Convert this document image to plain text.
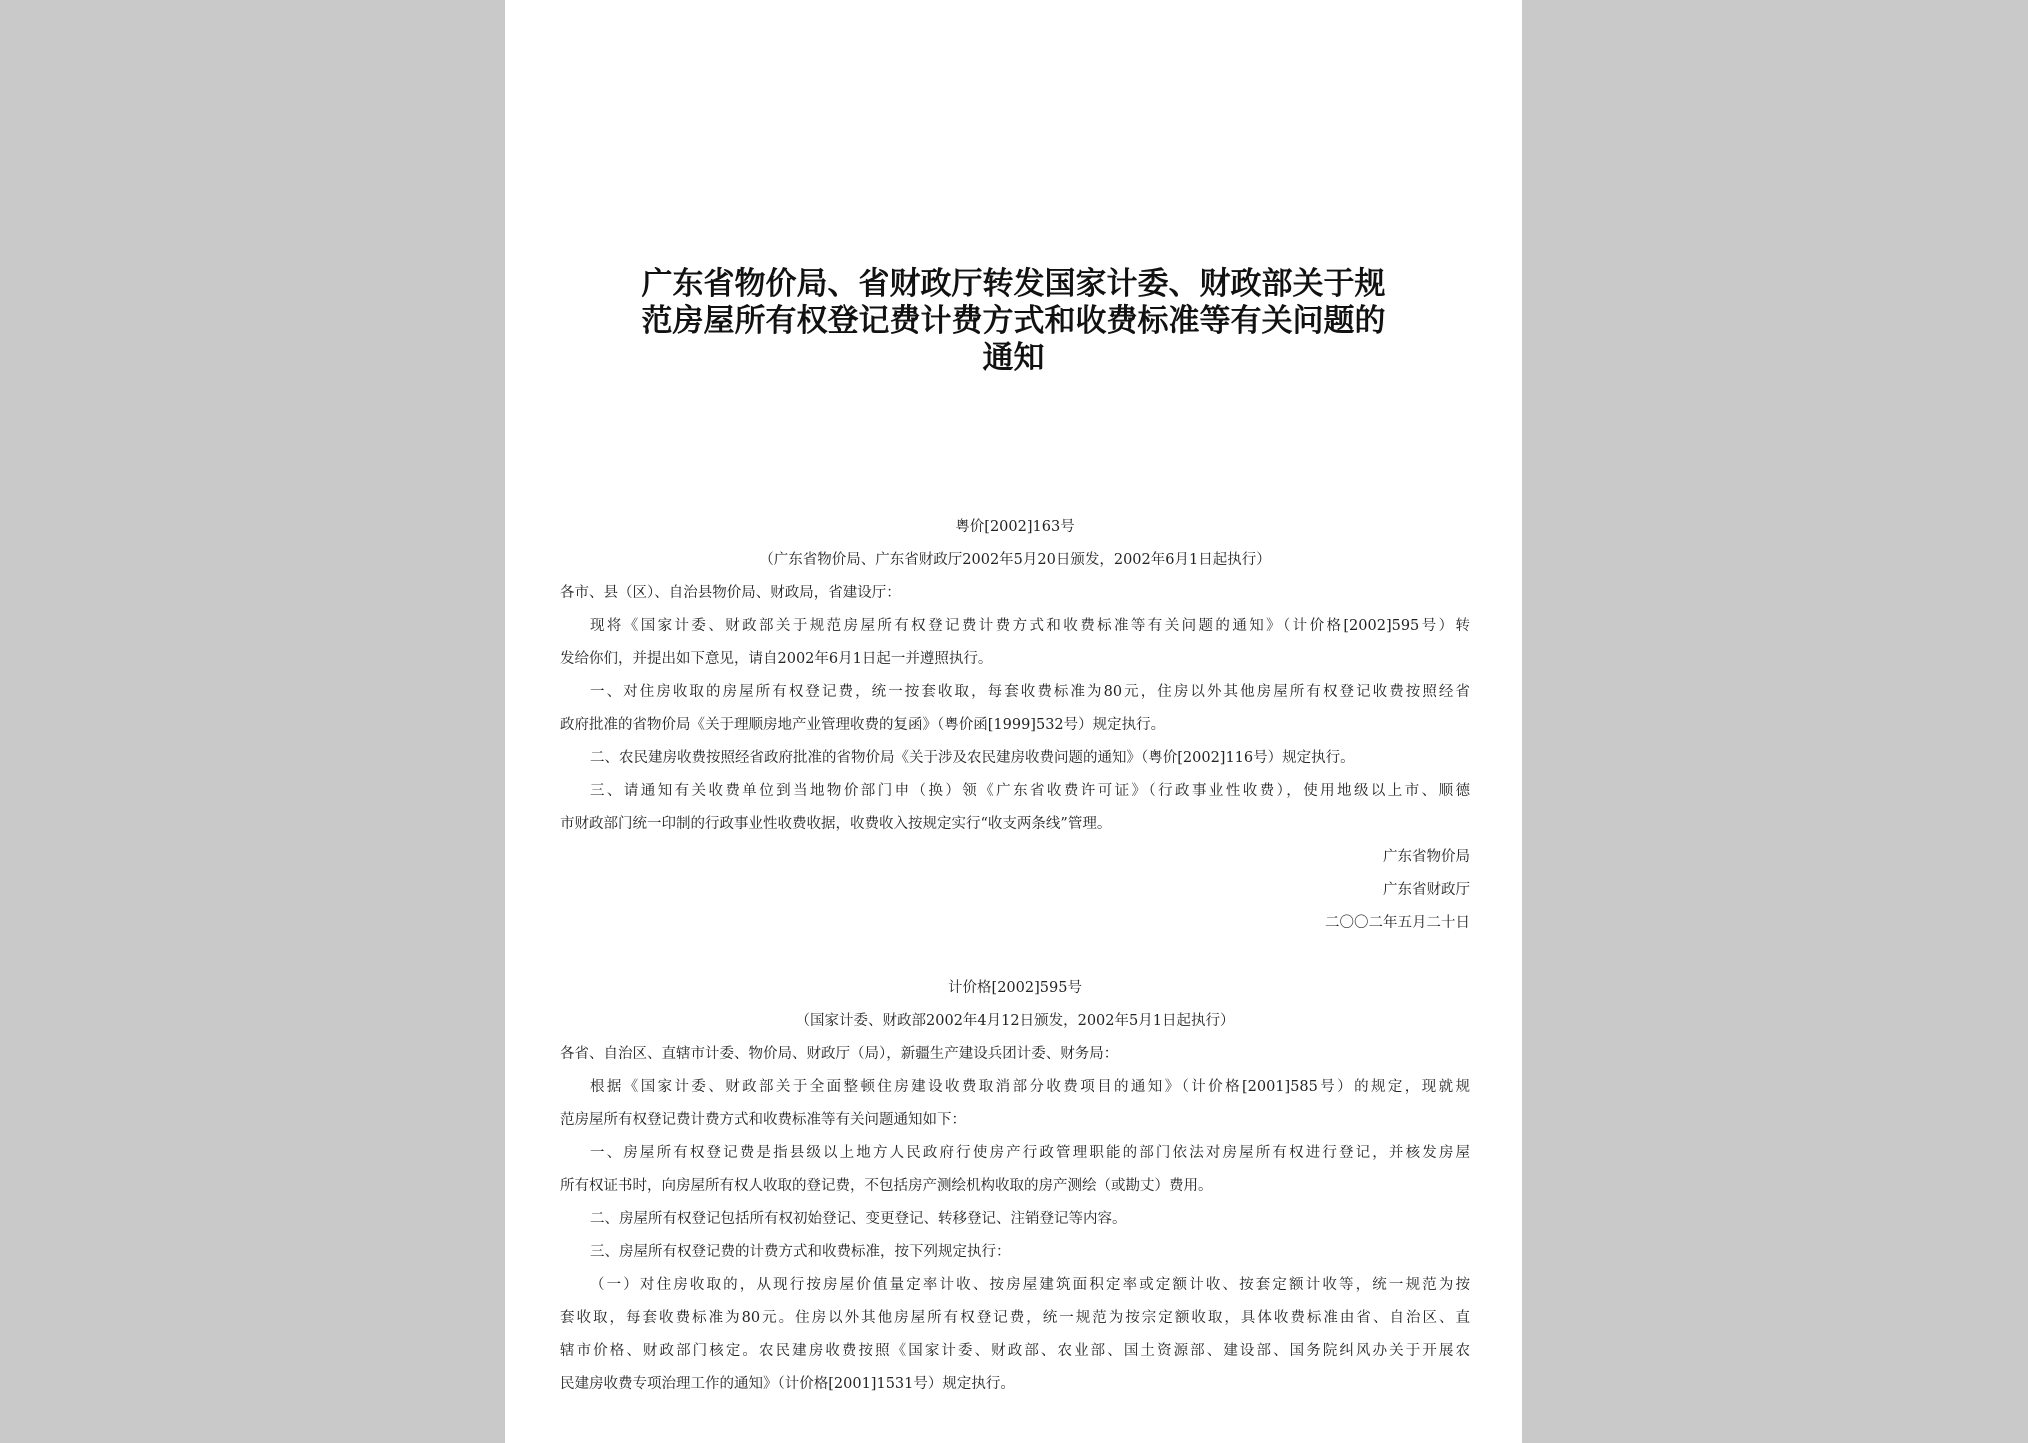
广东省物价局、省财政厅转发国家计委、财政部关于规
范房屋所有权登记费计费方式和收费标准等有关问题的
通知
粤价[2002]163号
（广东省物价局、广东省财政厅2002年5月20日颁发，2002年6月1日起执行）
各市、县（区）、自治县物价局、财政局，省建设厅：
现将《国家计委、财政部关于规范房屋所有权登记费计费方式和收费标准等有关问题的通知》（计价格[2002]595号）转
发给你们，并提出如下意见，请自2002年6月1日起一并遵照执行。
一、对住房收取的房屋所有权登记费，统一按套收取，每套收费标准为80元，住房以外其他房屋所有权登记收费按照经省
政府批准的省物价局《关于理顺房地产业管理收费的复函》（粤价函[1999]532号）规定执行。
二、农民建房收费按照经省政府批准的省物价局《关于涉及农民建房收费问题的通知》（粤价[2002]116号）规定执行。
三、请通知有关收费单位到当地物价部门申（换）领《广东省收费许可证》（行政事业性收费），使用地级以上市、顺德
市财政部门统一印制的行政事业性收费收据，收费收入按规定实行“收支两条线”管理。
广东省物价局
广东省财政厅
二〇〇二年五月二十日
计价格[2002]595号
（国家计委、财政部2002年4月12日颁发，2002年5月1日起执行）
各省、自治区、直辖市计委、物价局、财政厅（局），新疆生产建设兵团计委、财务局：
根据《国家计委、财政部关于全面整顿住房建设收费取消部分收费项目的通知》（计价格[2001]585号）的规定，现就规
范房屋所有权登记费计费方式和收费标准等有关问题通知如下：
一、房屋所有权登记费是指县级以上地方人民政府行使房产行政管理职能的部门依法对房屋所有权进行登记，并核发房屋
所有权证书时，向房屋所有权人收取的登记费，不包括房产测绘机构收取的房产测绘（或勘丈）费用。
二、房屋所有权登记包括所有权初始登记、变更登记、转移登记、注销登记等内容。
三、房屋所有权登记费的计费方式和收费标准，按下列规定执行：
（一）对住房收取的，从现行按房屋价值量定率计收、按房屋建筑面积定率或定额计收、按套定额计收等，统一规范为按
套收取，每套收费标准为80元。住房以外其他房屋所有权登记费，统一规范为按宗定额收取，具体收费标准由省、自治区、直
辖市价格、财政部门核定。农民建房收费按照《国家计委、财政部、农业部、国土资源部、建设部、国务院纠风办关于开展农
民建房收费专项治理工作的通知》（计价格[2001]1531号）规定执行。
